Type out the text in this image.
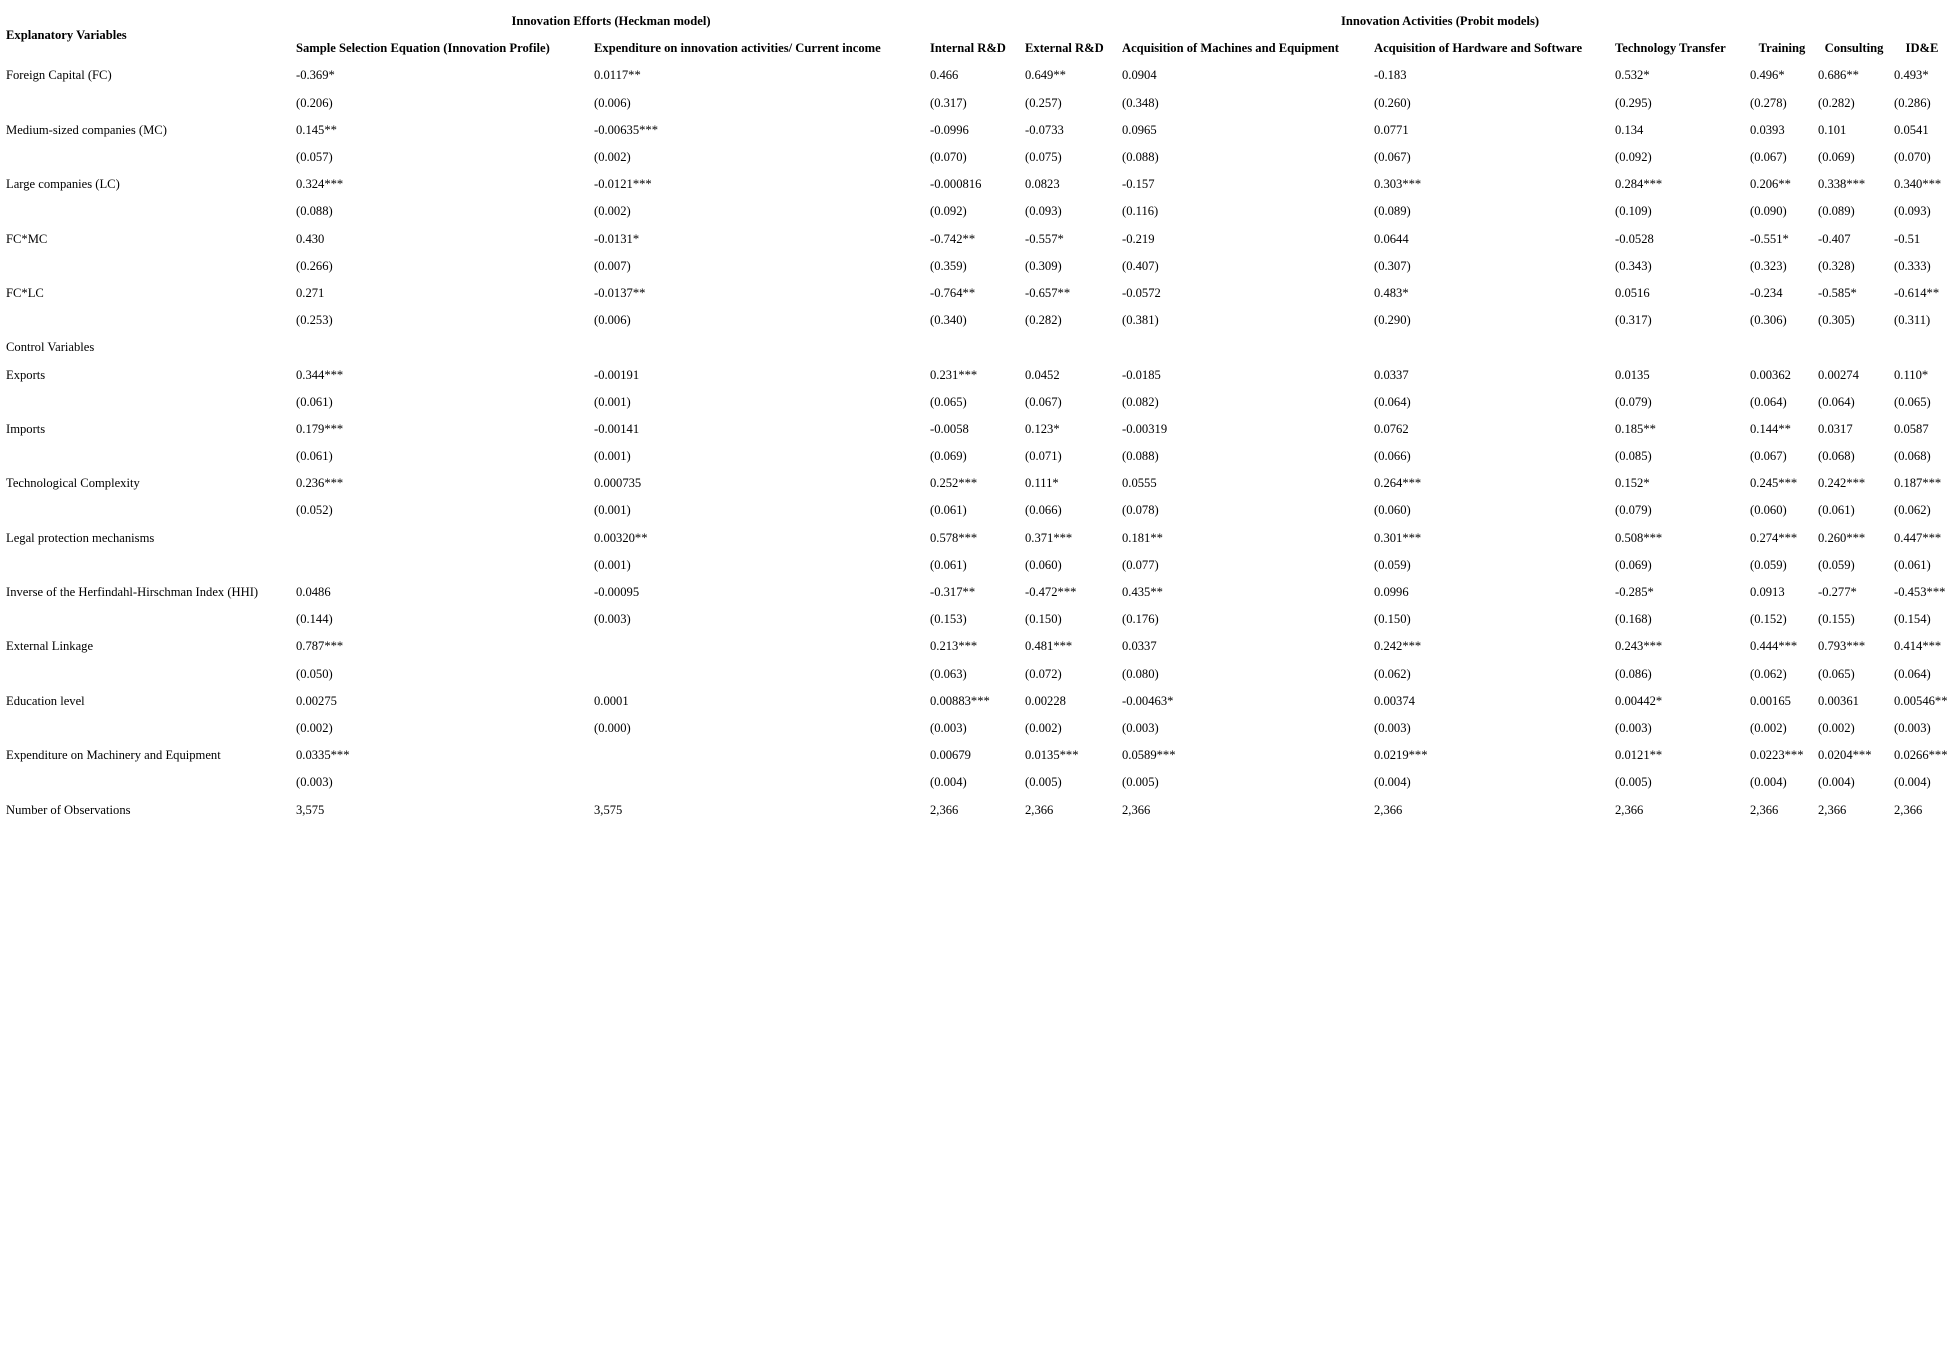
Explanatory Variables	Innovation Efforts (Heckman model)		Innovation Activities (Probit models)							
	Sample Selection Equation (Innovation Profile)	Expenditure on innovation activities/ Current income	Internal R&D	External R&D	Acquisition of Machines and Equipment	Acquisition of Hardware and Software	Technology Transfer	Training	Consulting	ID&E
Foreign Capital (FC)	-0.369*	0.0117**	0.466	0.649**	0.0904	-0.183	0.532*	0.496*	0.686**	0.493*
	(0.206)	(0.006)	(0.317)	(0.257)	(0.348)	(0.260)	(0.295)	(0.278)	(0.282)	(0.286)
Medium-sized companies (MC)	0.145**	-0.00635***	-0.0996	-0.0733	0.0965	0.0771	0.134	0.0393	0.101	0.0541
	(0.057)	(0.002)	(0.070)	(0.075)	(0.088)	(0.067)	(0.092)	(0.067)	(0.069)	(0.070)
Large companies (LC)	0.324***	-0.0121***	-0.000816	0.0823	-0.157	0.303***	0.284***	0.206**	0.338***	0.340***
	(0.088)	(0.002)	(0.092)	(0.093)	(0.116)	(0.089)	(0.109)	(0.090)	(0.089)	(0.093)
FC*MC	0.430	-0.0131*	-0.742**	-0.557*	-0.219	0.0644	-0.0528	-0.551*	-0.407	-0.51
	(0.266)	(0.007)	(0.359)	(0.309)	(0.407)	(0.307)	(0.343)	(0.323)	(0.328)	(0.333)
FC*LC	0.271	-0.0137**	-0.764**	-0.657**	-0.0572	0.483*	0.0516	-0.234	-0.585*	-0.614**
	(0.253)	(0.006)	(0.340)	(0.282)	(0.381)	(0.290)	(0.317)	(0.306)	(0.305)	(0.311)
Control Variables										
Exports	0.344***	-0.00191	0.231***	0.0452	-0.0185	0.0337	0.0135	0.00362	0.00274	0.110*
	(0.061)	(0.001)	(0.065)	(0.067)	(0.082)	(0.064)	(0.079)	(0.064)	(0.064)	(0.065)
Imports	0.179***	-0.00141	-0.0058	0.123*	-0.00319	0.0762	0.185**	0.144**	0.0317	0.0587
	(0.061)	(0.001)	(0.069)	(0.071)	(0.088)	(0.066)	(0.085)	(0.067)	(0.068)	(0.068)
Technological Complexity	0.236***	0.000735	0.252***	0.111*	0.0555	0.264***	0.152*	0.245***	0.242***	0.187***
	(0.052)	(0.001)	(0.061)	(0.066)	(0.078)	(0.060)	(0.079)	(0.060)	(0.061)	(0.062)
Legal protection mechanisms		0.00320**	0.578***	0.371***	0.181**	0.301***	0.508***	0.274***	0.260***	0.447***
		(0.001)	(0.061)	(0.060)	(0.077)	(0.059)	(0.069)	(0.059)	(0.059)	(0.061)
Inverse of the Herfindahl-Hirschman Index (HHI)	0.0486	-0.00095	-0.317**	-0.472***	0.435**	0.0996	-0.285*	0.0913	-0.277*	-0.453***
	(0.144)	(0.003)	(0.153)	(0.150)	(0.176)	(0.150)	(0.168)	(0.152)	(0.155)	(0.154)
External Linkage	0.787***		0.213***	0.481***	0.0337	0.242***	0.243***	0.444***	0.793***	0.414***
	(0.050)		(0.063)	(0.072)	(0.080)	(0.062)	(0.086)	(0.062)	(0.065)	(0.064)
Education level	0.00275	0.0001	0.00883***	0.00228	-0.00463*	0.00374	0.00442*	0.00165	0.00361	0.00546**
	(0.002)	(0.000)	(0.003)	(0.002)	(0.003)	(0.003)	(0.003)	(0.002)	(0.002)	(0.003)
Expenditure on Machinery and Equipment	0.0335***		0.00679	0.0135***	0.0589***	0.0219***	0.0121**	0.0223***	0.0204***	0.0266***
	(0.003)		(0.004)	(0.005)	(0.005)	(0.004)	(0.005)	(0.004)	(0.004)	(0.004)
Number of Observations	3,575	3,575	2,366	2,366	2,366	2,366	2,366	2,366	2,366	2,366
